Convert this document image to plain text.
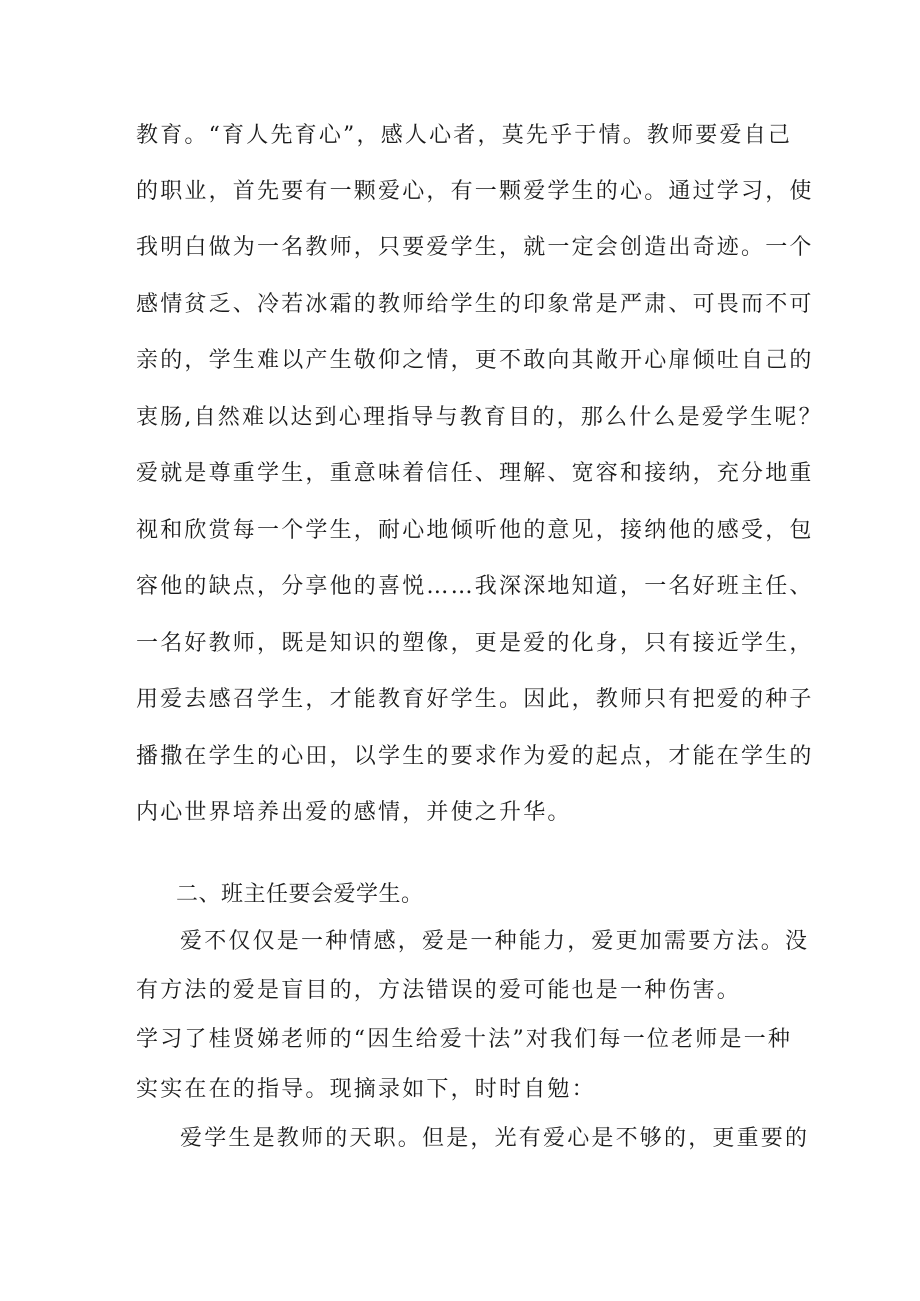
教育。“育人先育心”，感人心者，莫先乎于情。教师要爱自己
的职业，首先要有一颗爱心，有一颗爱学生的心。通过学习，使
我明白做为一名教师，只要爱学生，就一定会创造出奇迹。一个
感情贫乏、冷若冰霜的教师给学生的印象常是严肃、可畏而不可
亲的，学生难以产生敬仰之情，更不敢向其敞开心扉倾吐自己的
衷肠,自然难以达到心理指导与教育目的，那么什么是爱学生呢？
爱就是尊重学生，重意味着信任、理解、宽容和接纳，充分地重
视和欣赏每一个学生，耐心地倾听他的意见，接纳他的感受，包
容他的缺点，分享他的喜悦……我深深地知道，一名好班主任、
一名好教师，既是知识的塑像，更是爱的化身，只有接近学生，
用爱去感召学生，才能教育好学生。因此，教师只有把爱的种子
播撒在学生的心田，以学生的要求作为爱的起点，才能在学生的
内心世界培养出爱的感情，并使之升华。
二、班主任要会爱学生。
爱不仅仅是一种情感，爱是一种能力，爱更加需要方法。没
有方法的爱是盲目的，方法错误的爱可能也是一种伤害。
学习了桂贤娣老师的“因生给爱十法”对我们每一位老师是一种
实实在在的指导。现摘录如下，时时自勉：
爱学生是教师的天职。但是，光有爱心是不够的，更重要的
